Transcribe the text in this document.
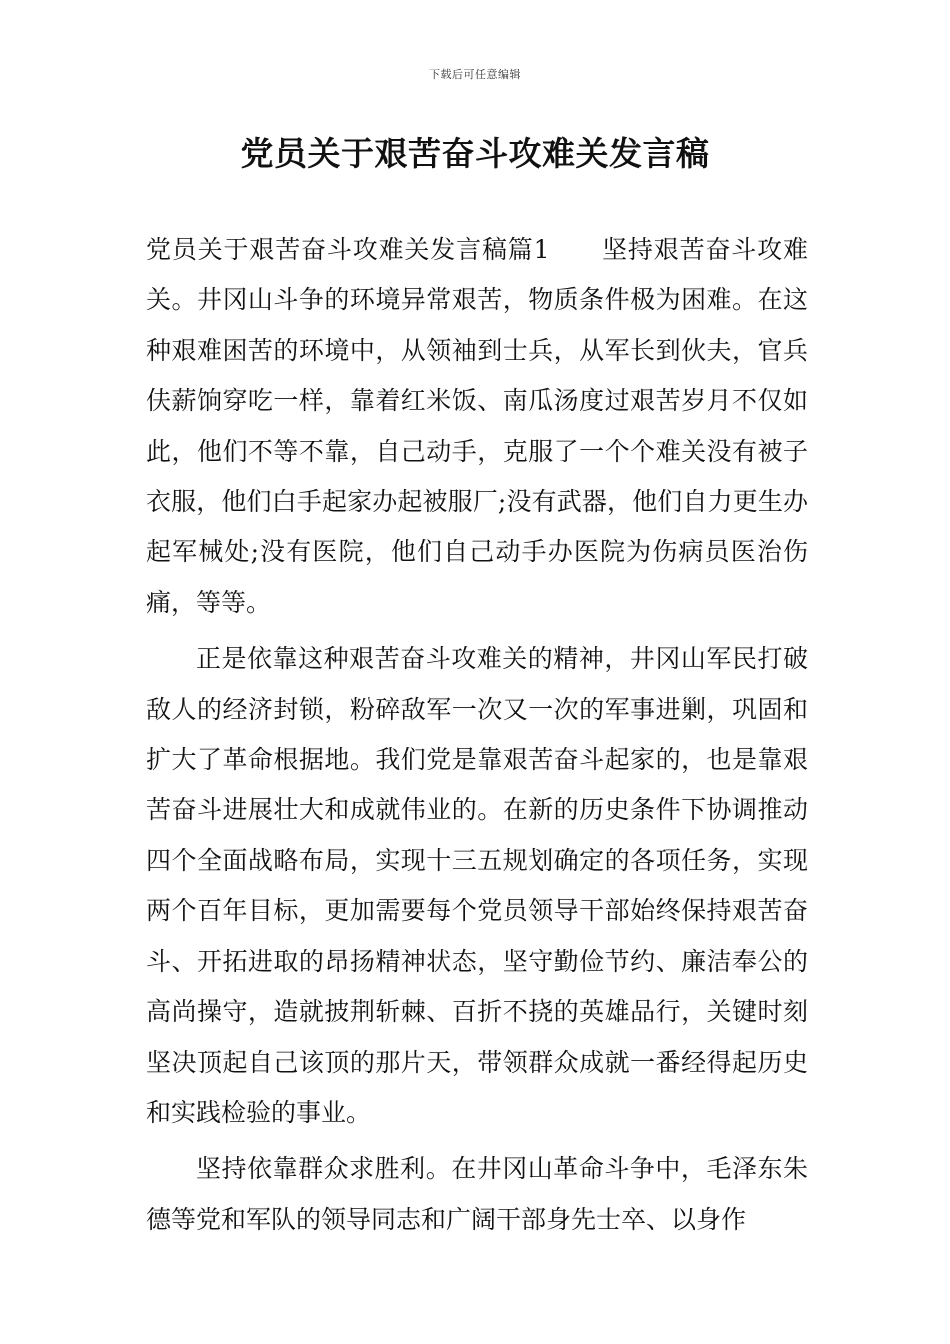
下载后可任意编辑
党员关于艰苦奋斗攻难关发言稿

党员关于艰苦奋斗攻难关发言稿篇1　　坚持艰苦奋斗攻难关。井冈山斗争的环境异常艰苦，物质条件极为困难。在这种艰难困苦的环境中，从领袖到士兵，从军长到伙夫，官兵伕薪饷穿吃一样，靠着红米饭、南瓜汤度过艰苦岁月不仅如此，他们不等不靠，自己动手，克服了一个个难关没有被子衣服，他们白手起家办起被服厂;没有武器，他们自力更生办起军械处;没有医院，他们自己动手办医院为伤病员医治伤痛，等等。

正是依靠这种艰苦奋斗攻难关的精神，井冈山军民打破敌人的经济封锁，粉碎敌军一次又一次的军事进剿，巩固和扩大了革命根据地。我们党是靠艰苦奋斗起家的，也是靠艰苦奋斗进展壮大和成就伟业的。在新的历史条件下协调推动四个全面战略布局，实现十三五规划确定的各项任务，实现两个百年目标，更加需要每个党员领导干部始终保持艰苦奋斗、开拓进取的昂扬精神状态，坚守勤俭节约、廉洁奉公的高尚操守，造就披荆斩棘、百折不挠的英雄品行，关键时刻坚决顶起自己该顶的那片天，带领群众成就一番经得起历史和实践检验的事业。

坚持依靠群众求胜利。在井冈山革命斗争中，毛泽东朱德等党和军队的领导同志和广阔干部身先士卒、以身作
